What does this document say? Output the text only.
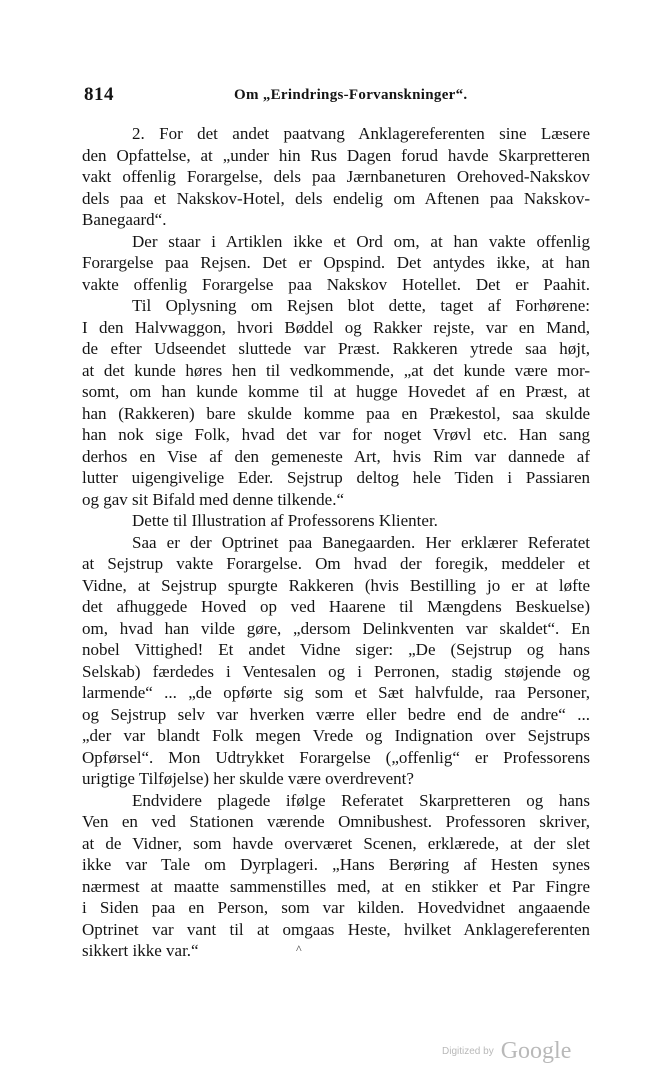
814	Om „Erindrings-Forvanskninger“.
2. For det andet paatvang Anklagereferenten sine Læsere
den Opfattelse, at „under hin Rus Dagen forud havde Skarpretteren
vakt offenlig Forargelse, dels paa Jærnbaneturen Orehoved-Nakskov
dels paa et Nakskov-Hotel, dels endelig om Aftenen paa Nakskov-
Banegaard“.
Der staar i Artiklen ikke et Ord om, at han vakte offenlig
Forargelse paa Rejsen. Det er Opspind. Det antydes ikke, at han
vakte offenlig Forargelse paa Nakskov Hotellet. Det er Paahit.
Til Oplysning om Rejsen blot dette, taget af Forhørene:
I den Halvwaggon, hvori Bøddel og Rakker rejste, var en Mand,
de efter Udseendet sluttede var Præst. Rakkeren ytrede saa højt,
at det kunde høres hen til vedkommende, „at det kunde være mor-
somt, om han kunde komme til at hugge Hovedet af en Præst, at
han (Rakkeren) bare skulde komme paa en Prækestol, saa skulde
han nok sige Folk, hvad det var for noget Vrøvl etc. Han sang
derhos en Vise af den gemeneste Art, hvis Rim var dannede af
lutter uigengivelige Eder. Sejstrup deltog hele Tiden i Passiaren
og gav sit Bifald med denne tilkende.“
Dette til Illustration af Professorens Klienter.
Saa er der Optrinet paa Banegaarden. Her erklærer Referatet
at Sejstrup vakte Forargelse. Om hvad der foregik, meddeler et
Vidne, at Sejstrup spurgte Rakkeren (hvis Bestilling jo er at løfte
det afhuggede Hoved op ved Haarene til Mængdens Beskuelse)
om, hvad han vilde gøre, „dersom Delinkventen var skaldet“. En
nobel Vittighed! Et andet Vidne siger: „De (Sejstrup og hans
Selskab) færdedes i Ventesalen og i Perronen, stadig støjende og
larmende“ ... „de opførte sig som et Sæt halvfulde, raa Personer,
og Sejstrup selv var hverken værre eller bedre end de andre“ ...
„der var blandt Folk megen Vrede og Indignation over Sejstrups
Opførsel“. Mon Udtrykket Forargelse („offenlig“ er Professorens
urigtige Tilføjelse) her skulde være overdrevent?
Endvidere plagede ifølge Referatet Skarpretteren og hans
Ven en ved Stationen værende Omnibushest. Professoren skriver,
at de Vidner, som havde overværet Scenen, erklærede, at der slet
ikke var Tale om Dyrplageri. „Hans Berøring af Hesten synes
nærmest at maatte sammenstilles med, at en stikker et Par Fingre
i Siden paa en Person, som var kilden. Hovedvidnet angaaende
Optrinet var vant til at omgaas Heste, hvilket Anklagereferenten
sikkert ikke var.“	^
Digitized by Google
